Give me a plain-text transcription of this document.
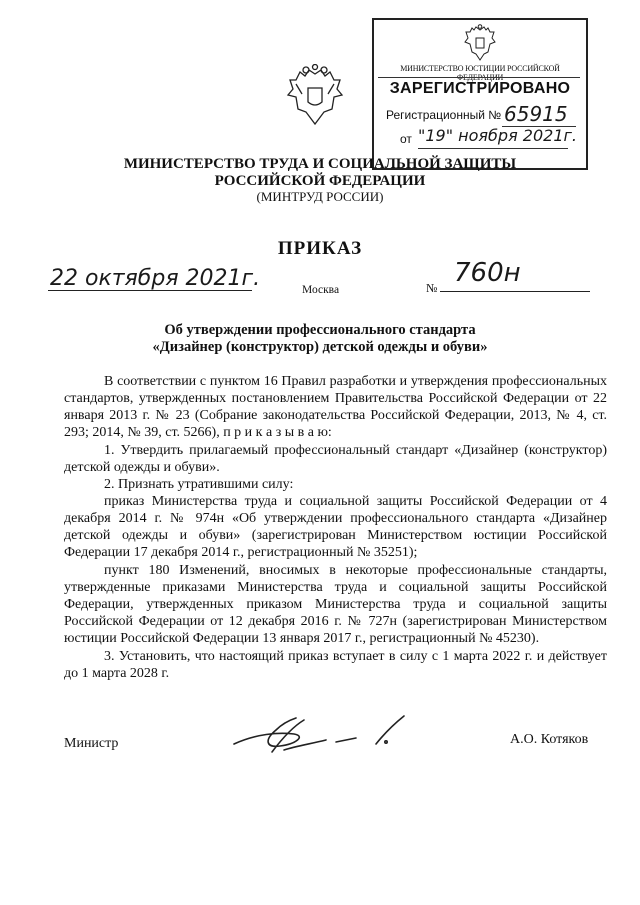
МИНИСТЕРСТВО ЮСТИЦИИ РОССИЙСКОЙ ФЕДЕРАЦИИ
ЗАРЕГИСТРИРОВАНО
Регистрационный № 65915
от "19" ноября 2021г.
МИНИСТЕРСТВО ТРУДА И СОЦИАЛЬНОЙ ЗАЩИТЫ
РОССИЙСКОЙ ФЕДЕРАЦИИ
(МИНТРУД РОССИИ)
ПРИКАЗ
22 октября 2021г.	Москва	№ 760н
Об утверждении профессионального стандарта
«Дизайнер (конструктор) детской одежды и обуви»
В соответствии с пунктом 16 Правил разработки и утверждения профессиональных стандартов, утвержденных постановлением Правительства Российской Федерации от 22 января 2013 г. № 23 (Собрание законодательства Российской Федерации, 2013, № 4, ст. 293; 2014, № 39, ст. 5266), п р и к а з ы в а ю:
1. Утвердить прилагаемый профессиональный стандарт «Дизайнер (конструктор) детской одежды и обуви».
2. Признать утратившими силу:
приказ Министерства труда и социальной защиты Российской Федерации от 4 декабря 2014 г. № 974н «Об утверждении профессионального стандарта «Дизайнер детской одежды и обуви» (зарегистрирован Министерством юстиции Российской Федерации 17 декабря 2014 г., регистрационный № 35251);
пункт 180 Изменений, вносимых в некоторые профессиональные стандарты, утвержденные приказами Министерства труда и социальной защиты Российской Федерации, утвержденных приказом Министерства труда и социальной защиты Российской Федерации от 12 декабря 2016 г. № 727н (зарегистрирован Министерством юстиции Российской Федерации 13 января 2017 г., регистрационный № 45230).
3. Установить, что настоящий приказ вступает в силу с 1 марта 2022 г. и действует до 1 марта 2028 г.
Министр	А.О. Котяков
